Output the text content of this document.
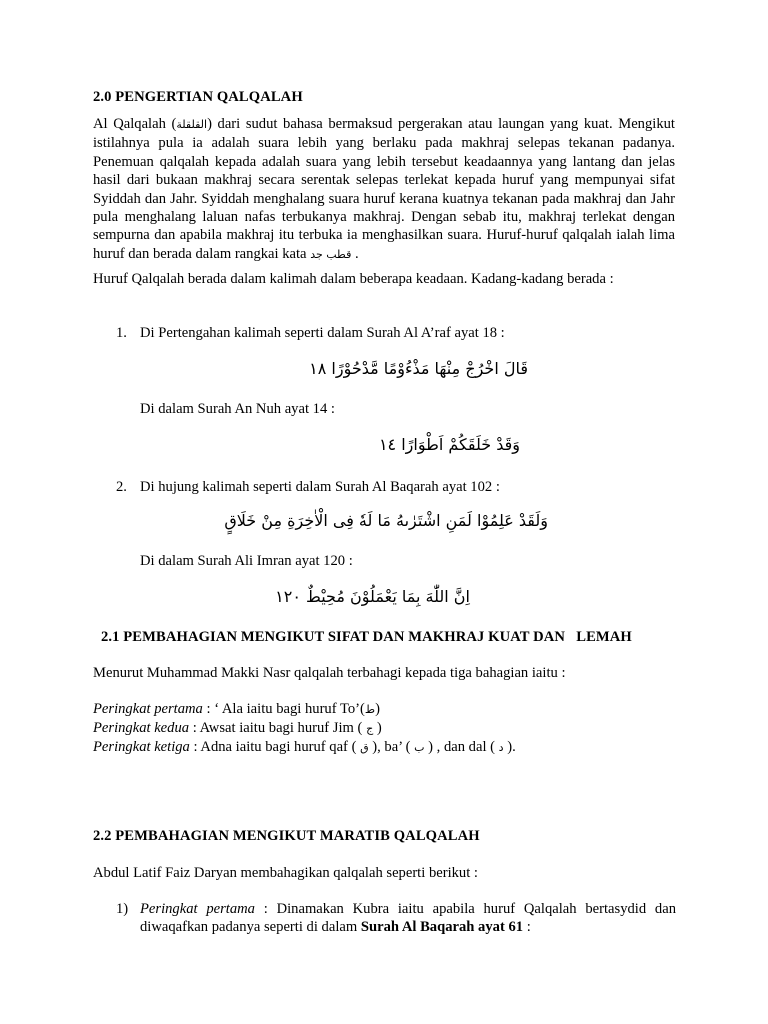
2.0 PENGERTIAN QALQALAH
Al Qalqalah (القلقلة) dari sudut bahasa bermaksud pergerakan atau laungan yang kuat. Mengikut istilahnya pula ia adalah suara lebih yang berlaku pada makhraj selepas tekanan padanya. Penemuan qalqalah kepada adalah suara yang lebih tersebut keadaannya yang lantang dan jelas hasil dari bukaan makhraj secara serentak selepas terlekat kepada huruf yang mempunyai sifat Syiddah dan Jahr. Syiddah menghalang suara huruf kerana kuatnya tekanan pada makhraj dan Jahr pula menghalang laluan nafas terbukanya makhraj. Dengan sebab itu, makhraj terlekat dengan sempurna dan apabila makhraj itu terbuka ia menghasilkan suara. Huruf-huruf qalqalah ialah lima huruf dan berada dalam rangkai kata قطب جد .
Huruf Qalqalah berada dalam kalimah dalam beberapa keadaan. Kadang-kadang berada :
1. Di Pertengahan kalimah seperti dalam Surah Al A’raf ayat 18 :
قَالَ اخْرُجْ مِنْهَا مَذْءُوْمًا مَّدْحُوْرًا ۱۸
Di dalam Surah An Nuh ayat 14 :
وَقَدْ خَلَقَكُمْ اَطْوَارًا ۱٤
2. Di hujung kalimah seperti dalam Surah Al Baqarah ayat 102 :
وَلَقَدْ عَلِمُوْا لَمَنِ اشْتَرٰىهُ مَا لَهٗ فِى الْاٰخِرَةِ مِنْ خَلَاقٍ
Di dalam Surah Ali Imran ayat 120 :
اِنَّ اللّٰهَ بِمَا يَعْمَلُوْنَ مُحِيْطٌ ۱۲۰
2.1 PEMBAHAGIAN MENGIKUT SIFAT DAN MAKHRAJ KUAT DAN   LEMAH
Menurut Muhammad Makki Nasr qalqalah terbahagi kepada tiga bahagian iaitu :
Peringkat pertama : ‘ Ala iaitu bagi huruf To’(ط)
Peringkat kedua : Awsat iaitu bagi huruf Jim ( ج )
Peringkat ketiga : Adna iaitu bagi huruf qaf ( ق ), ba’ ( ب ) , dan dal ( د ).
2.2 PEMBAHAGIAN MENGIKUT MARATIB QALQALAH
Abdul Latif Faiz Daryan membahagikan qalqalah seperti berikut :
1) Peringkat pertama : Dinamakan Kubra iaitu apabila huruf Qalqalah bertasydid dan diwaqafkan padanya seperti di dalam Surah Al Baqarah ayat 61 :
